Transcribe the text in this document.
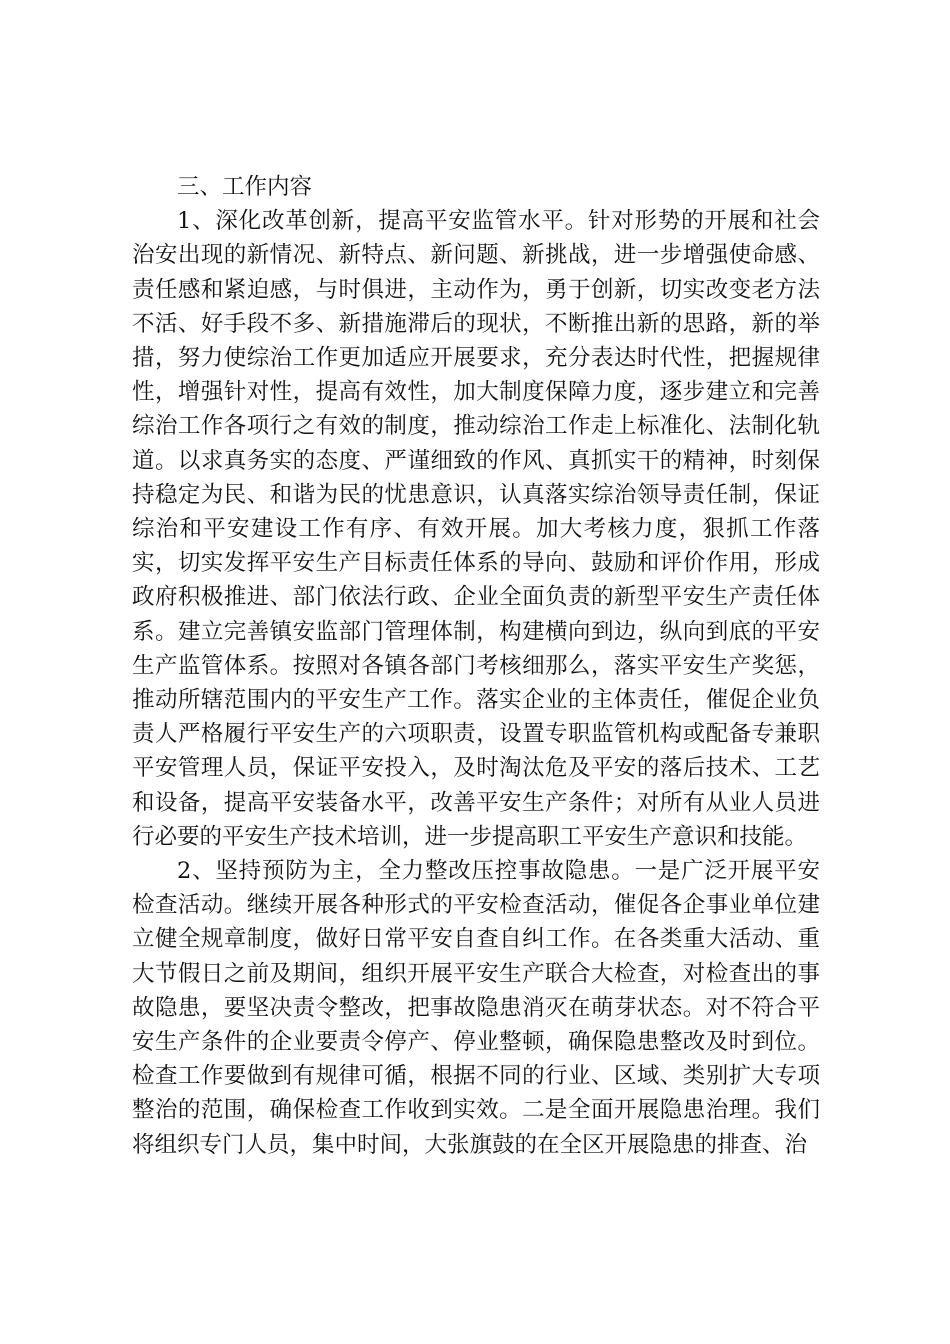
三、工作内容

1、深化改革创新，提高平安监管水平。针对形势的开展和社会治安出现的新情况、新特点、新问题、新挑战，进一步增强使命感、责任感和紧迫感，与时俱进，主动作为，勇于创新，切实改变老方法不活、好手段不多、新措施滞后的现状，不断推出新的思路，新的举措，努力使综治工作更加适应开展要求，充分表达时代性，把握规律性，增强针对性，提高有效性，加大制度保障力度，逐步建立和完善综治工作各项行之有效的制度，推动综治工作走上标准化、法制化轨道。以求真务实的态度、严谨细致的作风、真抓实干的精神，时刻保持稳定为民、和谐为民的忧患意识，认真落实综治领导责任制，保证综治和平安建设工作有序、有效开展。加大考核力度，狠抓工作落实，切实发挥平安生产目标责任体系的导向、鼓励和评价作用，形成政府积极推进、部门依法行政、企业全面负责的新型平安生产责任体系。建立完善镇安监部门管理体制，构建横向到边，纵向到底的平安生产监管体系。按照对各镇各部门考核细那么，落实平安生产奖惩，推动所辖范围内的平安生产工作。落实企业的主体责任，催促企业负责人严格履行平安生产的六项职责，设置专职监管机构或配备专兼职平安管理人员，保证平安投入，及时淘汰危及平安的落后技术、工艺和设备，提高平安装备水平，改善平安生产条件；对所有从业人员进行必要的平安生产技术培训，进一步提高职工平安生产意识和技能。

2、坚持预防为主，全力整改压控事故隐患。一是广泛开展平安检查活动。继续开展各种形式的平安检查活动，催促各企事业单位建立健全规章制度，做好日常平安自查自纠工作。在各类重大活动、重大节假日之前及期间，组织开展平安生产联合大检查，对检查出的事故隐患，要坚决责令整改，把事故隐患消灭在萌芽状态。对不符合平安生产条件的企业要责令停产、停业整顿，确保隐患整改及时到位。检查工作要做到有规律可循，根据不同的行业、区域、类别扩大专项整治的范围，确保检查工作收到实效。二是全面开展隐患治理。我们将组织专门人员，集中时间，大张旗鼓的在全区开展隐患的排查、治
